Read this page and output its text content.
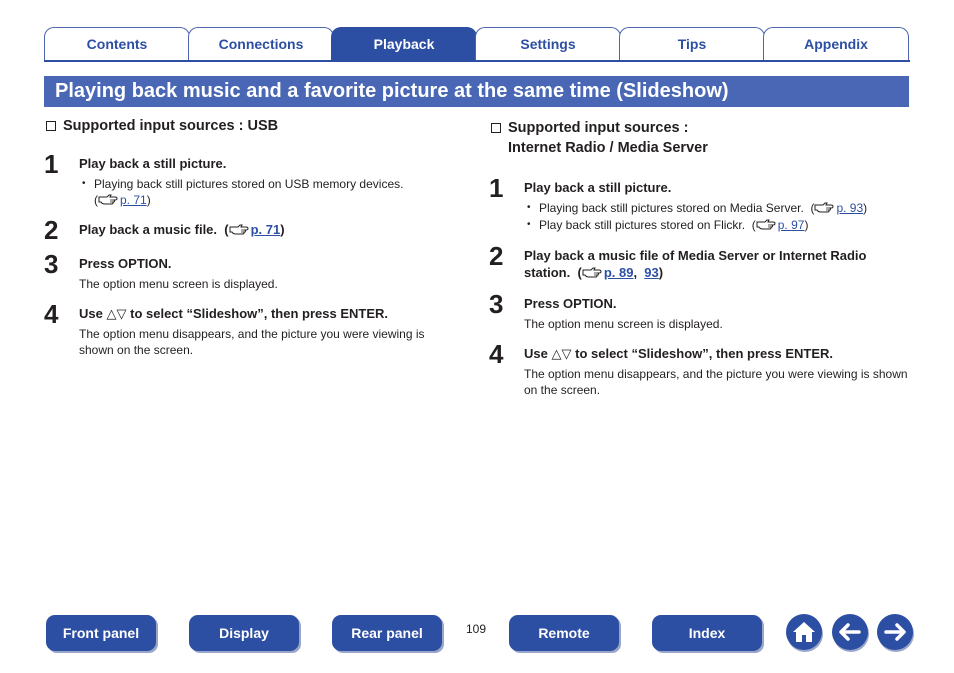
Contents	Connections	Playback	Settings	Tips	Appendix
Playing back music and a favorite picture at the same time (Slideshow)
Supported input sources : USB
1 Play back a still picture.
• Playing back still pictures stored on USB memory devices.
( p. 71)
2 Play back a music file. ( p. 71)
3 Press OPTION.
The option menu screen is displayed.
4 Use △▽ to select “Slideshow”, then press ENTER.
The option menu disappears, and the picture you were viewing is shown on the screen.
Supported input sources :
Internet Radio / Media Server
1 Play back a still picture.
• Playing back still pictures stored on Media Server. ( p. 93)
• Play back still pictures stored on Flickr. ( p. 97)
2 Play back a music file of Media Server or Internet Radio station. ( p. 89, 93)
3 Press OPTION.
The option menu screen is displayed.
4 Use △▽ to select “Slideshow”, then press ENTER.
The option menu disappears, and the picture you were viewing is shown on the screen.
Front panel	Display	Rear panel	109	Remote	Index
